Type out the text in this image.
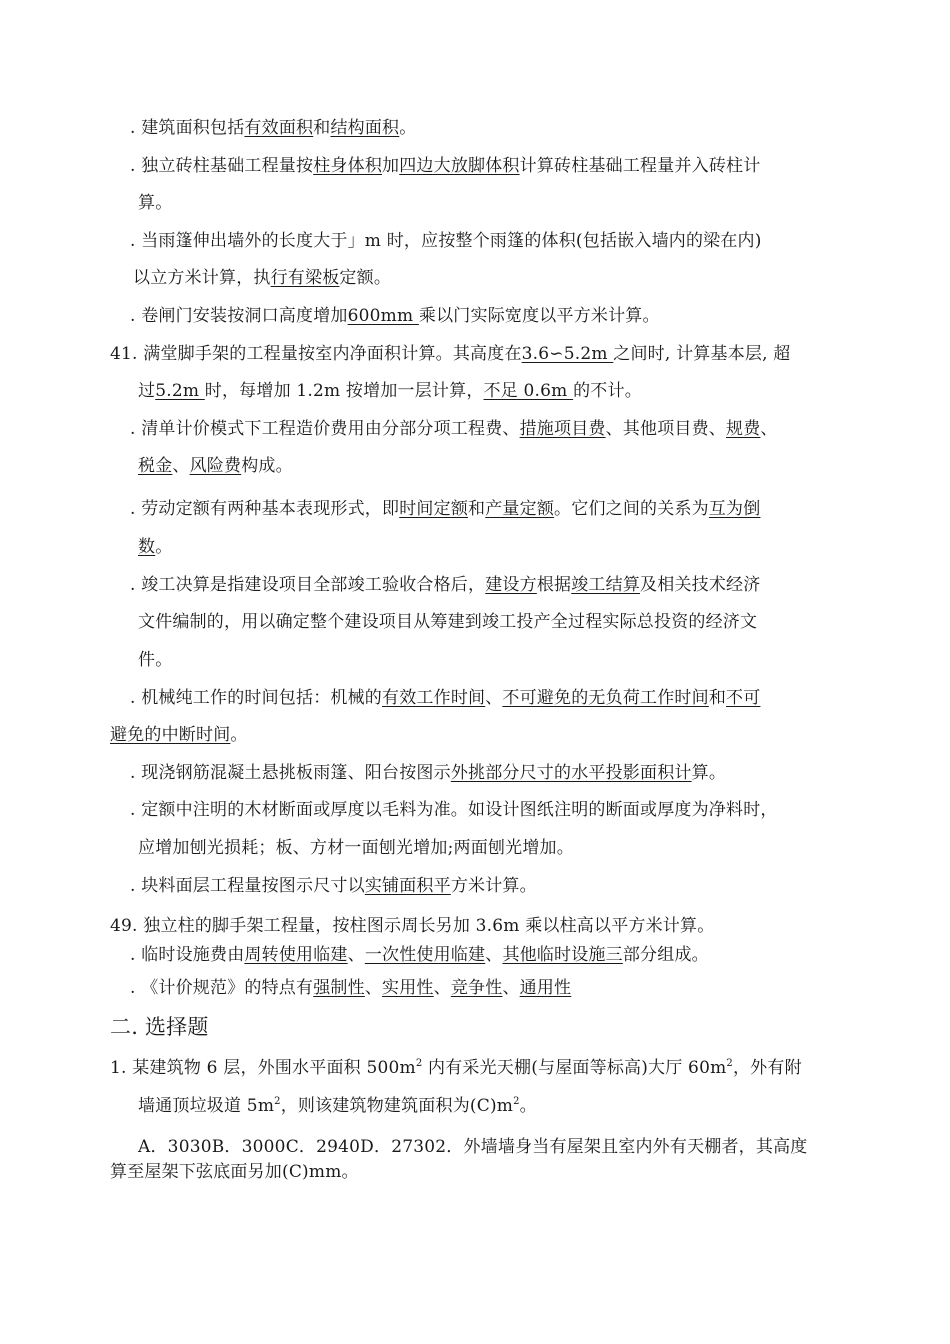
. 建筑面积包括有效面积和结构面积。
. 独立砖柱基础工程量按柱身体积加四边大放脚体积计算砖柱基础工程量并入砖柱计
算。
. 当雨篷伸出墙外的长度大于」m 时，应按整个雨篷的体积(包括嵌入墙内的梁在内)
以立方米计算，执行有梁板定额。
. 卷闸门安装按洞口高度增加600mm 乘以门实际宽度以平方米计算。
41. 满堂脚手架的工程量按室内净面积计算。其高度在3.6∽5.2m 之间时, 计算基本层, 超
过5.2m 时，每增加 1.2m 按增加一层计算，不足 0.6m 的不计。
. 清单计价模式下工程造价费用由分部分项工程费、措施项目费、其他项目费、规费、
税金、风险费构成。
. 劳动定额有两种基本表现形式，即时间定额和产量定额。它们之间的关系为互为倒
数。
. 竣工决算是指建设项目全部竣工验收合格后，建设方根据竣工结算及相关技术经济
文件编制的，用以确定整个建设项目从筹建到竣工投产全过程实际总投资的经济文
件。
. 机械纯工作的时间包括：机械的有效工作时间、不可避免的无负荷工作时间和不可
避免的中断时间。
. 现浇钢筋混凝土悬挑板雨篷、阳台按图示外挑部分尺寸的水平投影面积计算。
. 定额中注明的木材断面或厚度以毛料为准。如设计图纸注明的断面或厚度为净料时，
应增加刨光损耗；板、方材一面刨光增加;两面刨光增加。
. 块料面层工程量按图示尺寸以实铺面积平方米计算。
49. 独立柱的脚手架工程量，按柱图示周长另加 3.6m 乘以柱高以平方米计算。
. 临时设施费由周转使用临建、一次性使用临建、其他临时设施三部分组成。
. 《计价规范》的特点有强制性、实用性、竞争性、通用性
二. 选择题
1. 某建筑物 6 层，外围水平面积 $500m^2$ 内有采光天棚(与屋面等标高)大厅 $60m^2$，外有附
墙通顶垃圾道 $5m^2$，则该建筑物建筑面积为$(C)m^2$。
A．3030B．3000C．2940D．27302．外墙墙身当有屋架且室内外有天棚者，其高度
算至屋架下弦底面另加(C)mm。
